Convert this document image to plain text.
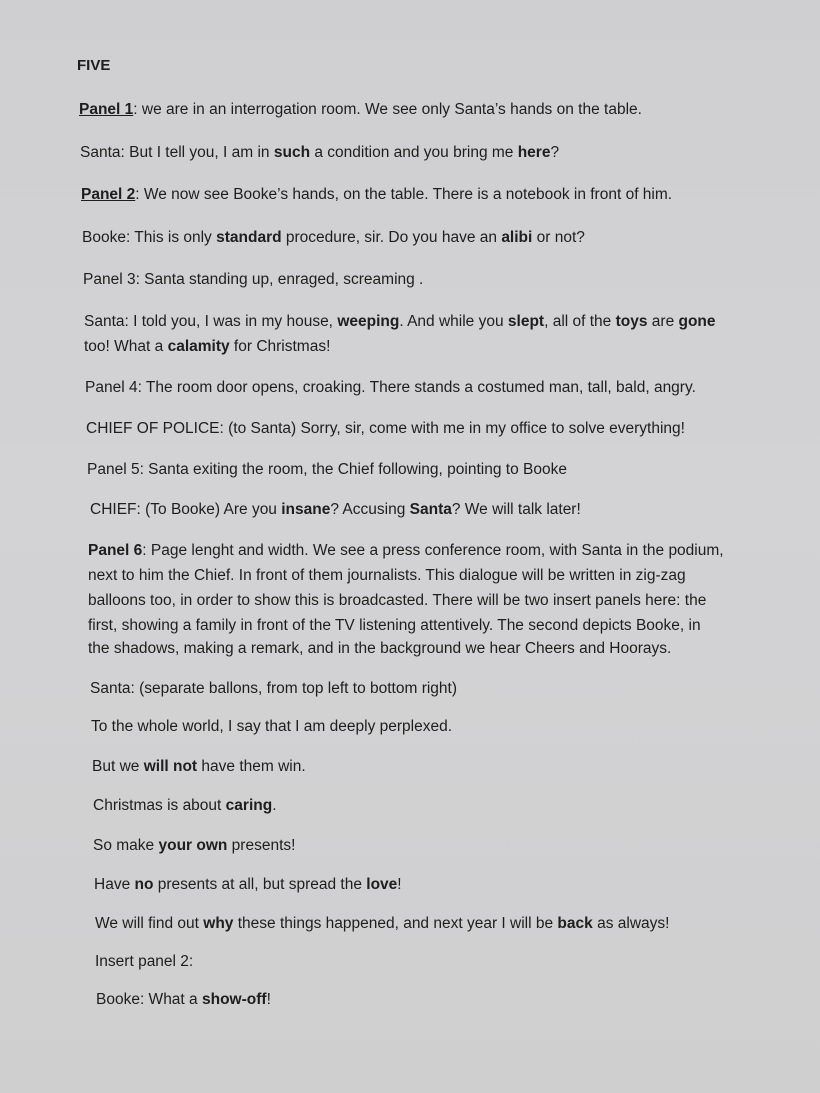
FIVE
Panel 1: we are in an interrogation room. We see only Santa’s hands on the table.
Santa: But I tell you, I am in such a condition and you bring me here?
Panel 2: We now see Booke’s hands, on the table. There is a notebook in front of him.
Booke: This is only standard procedure, sir. Do you have an alibi or not?
Panel 3: Santa standing up, enraged, screaming .
Santa: I told you, I was in my house, weeping. And while you slept, all of the toys are gone
too! What a calamity for Christmas!
Panel 4: The room door opens, croaking. There stands a costumed man, tall, bald, angry.
CHIEF OF POLICE: (to Santa) Sorry, sir, come with me in my office to solve everything!
Panel 5: Santa exiting the room, the Chief following, pointing to Booke
CHIEF: (To Booke) Are you insane? Accusing Santa? We will talk later!
Panel 6: Page lenght and width. We see a press conference room, with Santa in the podium,
next to him the Chief. In front of them journalists. This dialogue will be written in zig-zag
balloons too, in order to show this is broadcasted. There will be two insert panels here: the
first, showing a family in front of the TV listening attentively. The second depicts Booke, in
the shadows, making a remark, and in the background we hear Cheers and Hoorays.
Santa: (separate ballons, from top left to bottom right)
To the whole world, I say that I am deeply perplexed.
But we will not have them win.
Christmas is about caring.
So make your own presents!
Have no presents at all, but spread the love!
We will find out why these things happened, and next year I will be back as always!
Insert panel 2:
Booke: What a show-off!
